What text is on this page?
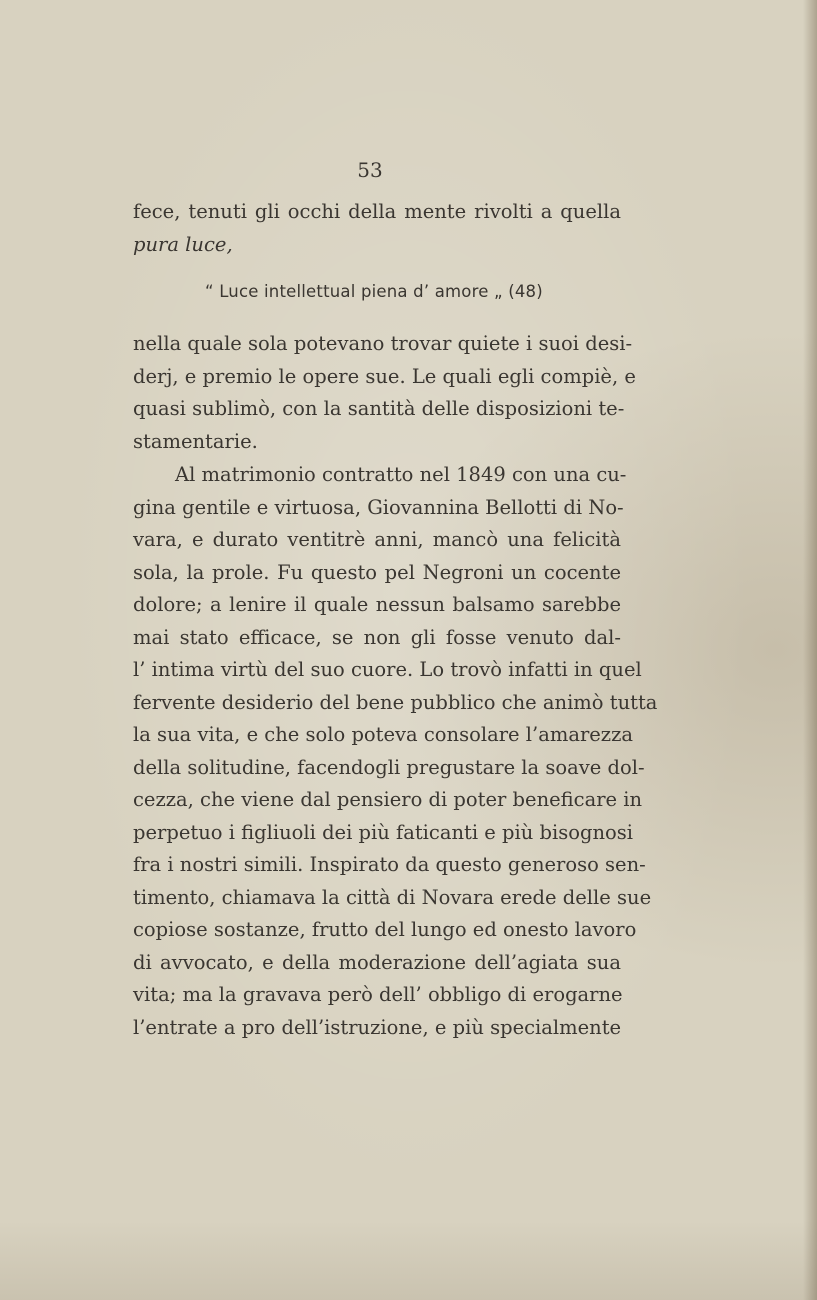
53
fece, tenuti gli occhi della mente rivolti a quella
pura luce,
“ Luce intellettual piena d’ amore „ (48)
nella quale sola potevano trovar quiete i suoi desi-
derj, e premio le opere sue. Le quali egli compiè, e
quasi sublimò, con la santità delle disposizioni te-
stamentarie.
Al matrimonio contratto nel 1849 con una cu-
gina gentile e virtuosa, Giovannina Bellotti di No-
vara, e durato ventitrè anni, mancò una felicità
sola, la prole. Fu questo pel Negroni un cocente
dolore; a lenire il quale nessun balsamo sarebbe
mai stato efficace, se non gli fosse venuto dal-
l’ intima virtù del suo cuore. Lo trovò infatti in quel
fervente desiderio del bene pubblico che animò tutta
la sua vita, e che solo poteva consolare l’amarezza
della solitudine, facendogli pregustare la soave dol-
cezza, che viene dal pensiero di poter beneficare in
perpetuo i figliuoli dei più faticanti e più bisognosi
fra i nostri simili. Inspirato da questo generoso sen-
timento, chiamava la città di Novara erede delle sue
copiose sostanze, frutto del lungo ed onesto lavoro
di avvocato, e della moderazione dell’agiata sua
vita; ma la gravava però dell’ obbligo di erogarne
l’entrate a pro dell’istruzione, e più specialmente
